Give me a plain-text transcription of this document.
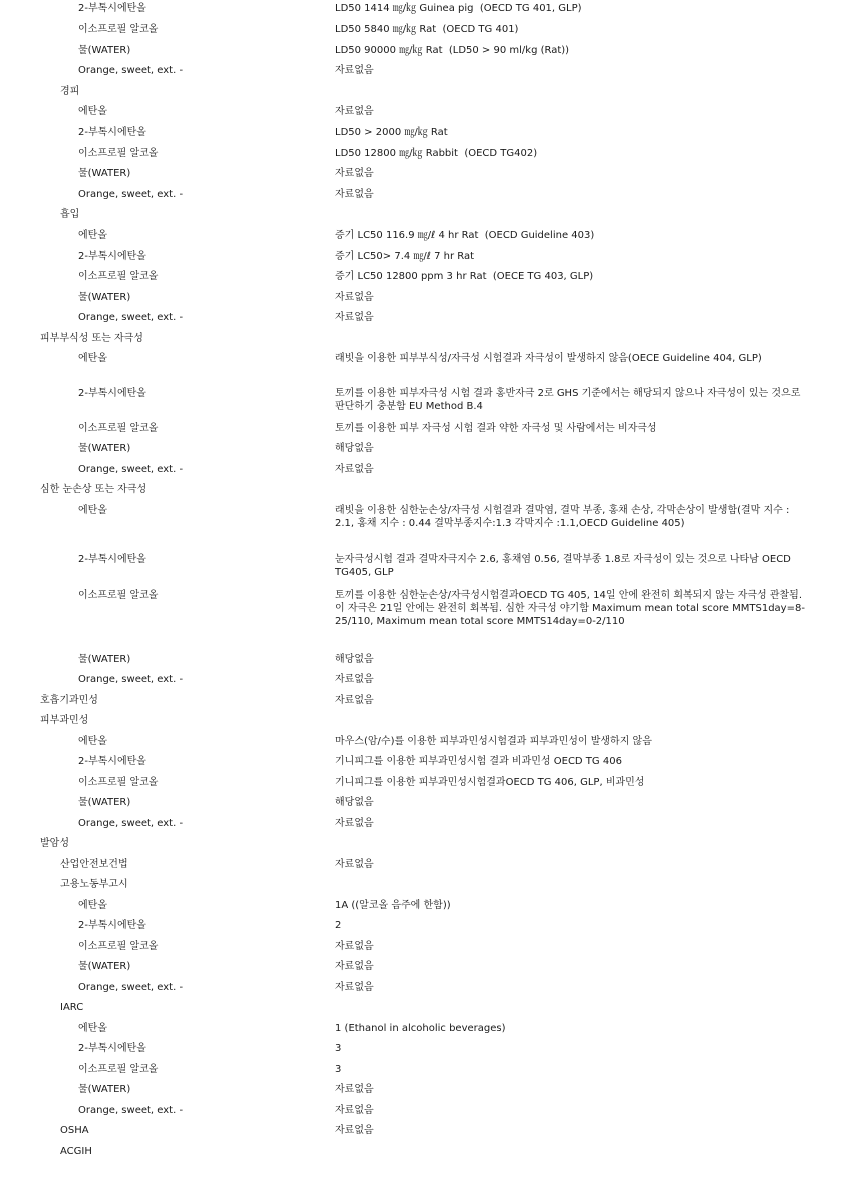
2-부톡시에탄올	LD50 1414 ㎎/㎏ Guinea pig  (OECD TG 401, GLP)
이소프로필 알코올	LD50 5840 ㎎/㎏ Rat  (OECD TG 401)
물(WATER)	LD50 90000 ㎎/㎏ Rat  (LD50 > 90 ml/kg (Rat))
Orange, sweet, ext. -	자료없음
경피
에탄올	자료없음
2-부톡시에탄올	LD50 > 2000 ㎎/㎏ Rat
이소프로필 알코올	LD50 12800 ㎎/㎏ Rabbit  (OECD TG402)
물(WATER)	자료없음
Orange, sweet, ext. -	자료없음
흡입
에탄올	증기 LC50 116.9 ㎎/ℓ 4 hr Rat  (OECD Guideline 403)
2-부톡시에탄올	증기 LC50> 7.4 ㎎/ℓ 7 hr Rat
이소프로필 알코올	증기 LC50 12800 ppm 3 hr Rat  (OECE TG 403, GLP)
물(WATER)	자료없음
Orange, sweet, ext. -	자료없음
피부부식성 또는 자극성
에탄올	래빗을 이용한 피부부식성/자극성 시험결과 자극성이 발생하지 않음(OECE Guideline 404, GLP)
2-부톡시에탄올	토끼를 이용한 피부자극성 시험 결과 홍반자극 2로 GHS 기준에서는 해당되지 않으나 자극성이 있는 것으로 판단하기 충분함 EU Method B.4
이소프로필 알코올	토끼를 이용한 피부 자극성 시험 결과 약한 자극성 및 사람에서는 비자극성
물(WATER)	해당없음
Orange, sweet, ext. -	자료없음
심한 눈손상 또는 자극성
에탄올	래빗을 이용한 심한눈손상/자극성 시험결과 결막염, 결막 부종, 홍채 손상, 각막손상이 발생함(결막 지수 : 2.1, 홍채 지수 : 0.44 결막부종지수:1.3 각막지수 :1.1,OECD Guideline 405)
2-부톡시에탄올	눈자극성시험 결과 결막자극지수 2.6, 홍채염 0.56, 결막부종 1.8로 자극성이 있는 것으로 나타남 OECD TG405, GLP
이소프로필 알코올	토끼를 이용한 심한눈손상/자극성시험결과OECD TG 405, 14일 안에 완전히 회복되지 않는 자극성 관찰됨. 이 자극은 21일 안에는 완전히 회복됨. 심한 자극성 야기함 Maximum mean total score MMTS1day=8-25/110, Maximum mean total score MMTS14day=0-2/110
물(WATER)	해당없음
Orange, sweet, ext. -	자료없음
호흡기과민성	자료없음
피부과민성
에탄올	마우스(암/수)를 이용한 피부과민성시험결과 피부과민성이 발생하지 않음
2-부톡시에탄올	기니피그를 이용한 피부과민성시험 결과 비과민성 OECD TG 406
이소프로필 알코올	기니피그를 이용한 피부과민성시험결과OECD TG 406, GLP, 비과민성
물(WATER)	해당없음
Orange, sweet, ext. -	자료없음
발암성
산업안전보건법	자료없음
고용노동부고시
에탄올	1A ((알코올 음주에 한함))
2-부톡시에탄올	2
이소프로필 알코올	자료없음
물(WATER)	자료없음
Orange, sweet, ext. -	자료없음
IARC
에탄올	1 (Ethanol in alcoholic beverages)
2-부톡시에탄올	3
이소프로필 알코올	3
물(WATER)	자료없음
Orange, sweet, ext. -	자료없음
OSHA	자료없음
ACGIH
